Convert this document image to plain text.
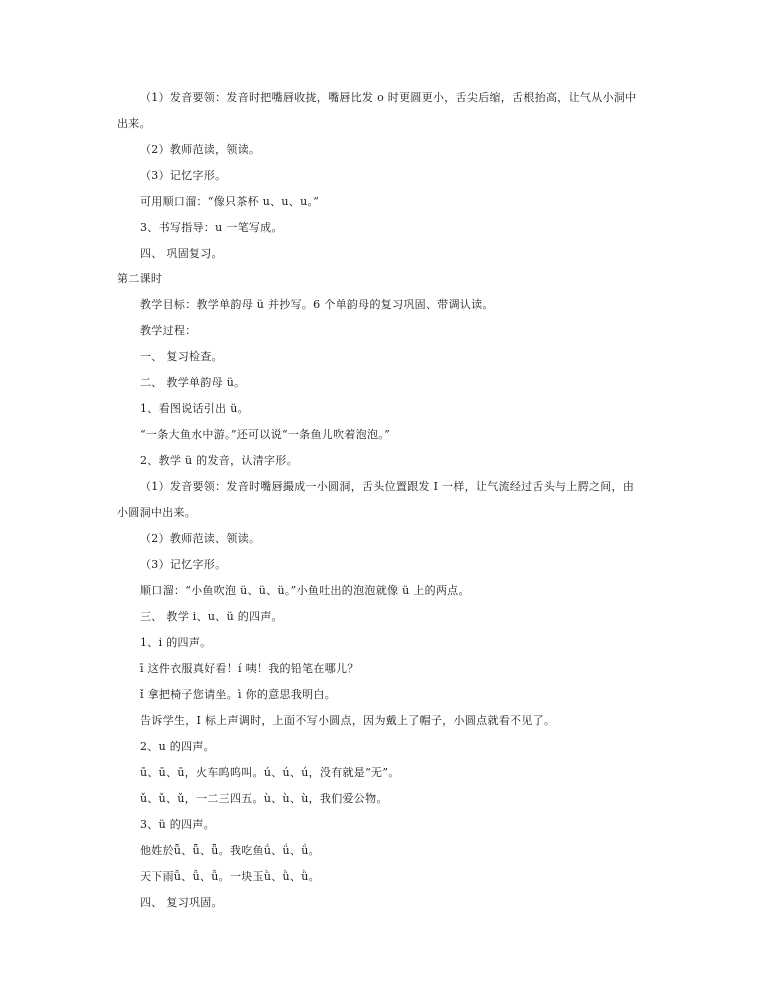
（1）发音要领：发音时把嘴唇收拢，嘴唇比发 o 时更圆更小，舌尖后缩，舌根抬高，让气从小洞中
出来。
（2）教师范读，领读。
（3）记忆字形。
可用顺口溜：“像只茶杯 u、u、u。”
3、书写指导：u 一笔写成。
四、 巩固复习。
第二课时
教学目标：教学单韵母 ü 并抄写。6 个单韵母的复习巩固、带调认读。
教学过程：
一、 复习检查。
二、 教学单韵母 ü。
1、看图说话引出 ü。
“一条大鱼水中游。”还可以说“一条鱼儿吹着泡泡。”
2、教学 ü 的发音，认清字形。
（1）发音要领：发音时嘴唇撮成一小圆洞，舌头位置跟发 I 一样，让气流经过舌头与上腭之间，由
小圆洞中出来。
（2）教师范读、领读。
（3）记忆字形。
顺口溜：“小鱼吹泡 ü、ü、ü。”小鱼吐出的泡泡就像 ü 上的两点。
三、 教学 i、u、ü 的四声。
1、i 的四声。
ī 这件衣服真好看！í 咦！我的铅笔在哪儿？
ǐ 拿把椅子您请坐。ì 你的意思我明白。
告诉学生，I 标上声调时，上面不写小圆点，因为戴上了帽子，小圆点就看不见了。
2、u 的四声。
ū、ū、ū，火车呜呜叫。ú、ú、ú，没有就是“无”。
ǔ、ǔ、ǔ，一二三四五。ù、ù、ù，我们爱公物。
3、ü 的四声。
他姓於ǖ、ǖ、ǖ。我吃鱼ǘ、ǘ、ǘ。
天下雨ǚ、ǚ、ǚ。一块玉ǜ、ǜ、ǜ。
四、 复习巩固。
